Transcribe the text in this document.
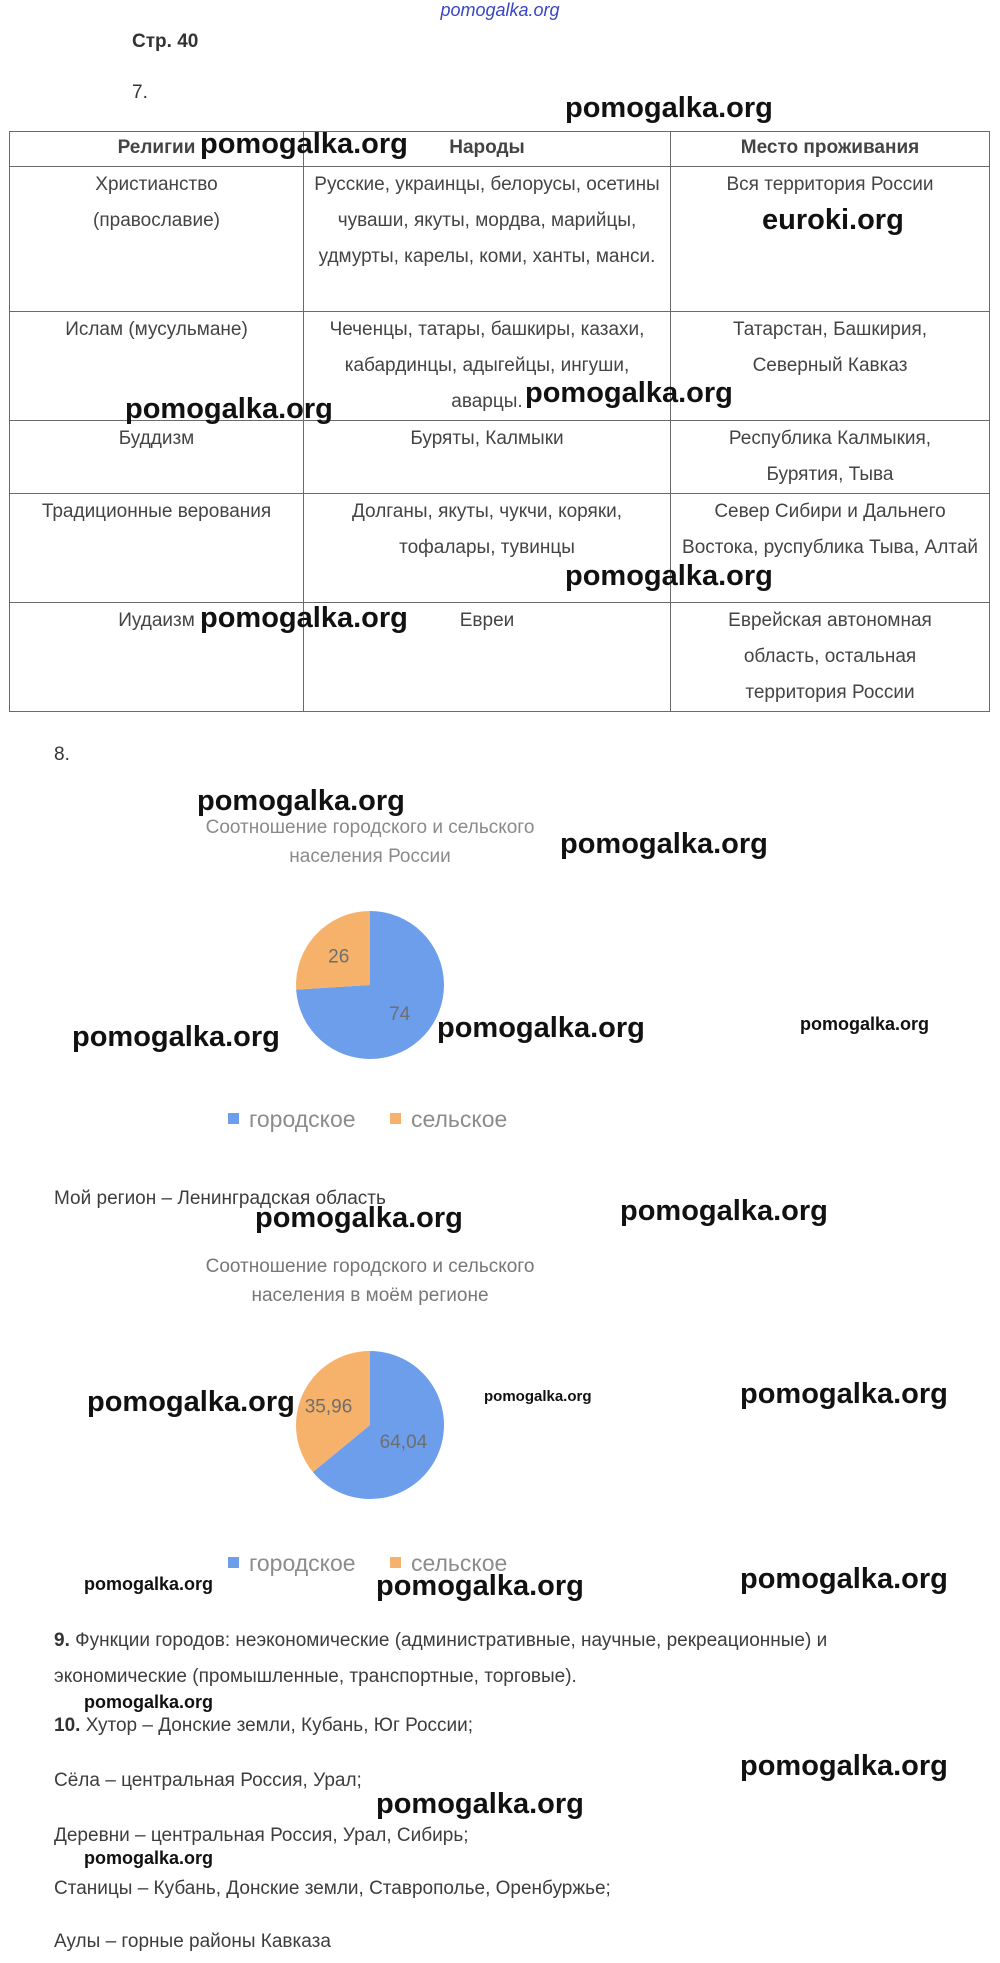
pomogalka.org
Стр. 40
7.
Религии	Народы	Место проживания
Христианство (православие)	Русские, украинцы, белорусы, осетины чуваши, якуты, мордва, марийцы, удмурты, карелы, коми, ханты, манси.	Вся территория России
Ислам (мусульмане)	Чеченцы, татары, башкиры, казахи, кабардинцы, адыгейцы, ингуши, аварцы.	Татарстан, Башкирия, Северный Кавказ
Буддизм	Буряты, Калмыки	Республика Калмыкия, Бурятия, Тыва
Традиционные верования	Долганы, якуты, чукчи, коряки, тофалары, тувинцы	Север Сибири и Дальнего Востока, руспублика Тыва, Алтай
Иудаизм	Евреи	Еврейская автономная область, остальная территория России
8.
Соотношение городского и сельского населения России
74
26
городское сельское
Мой регион – Ленинградская область
Соотношение городского и сельского населения в моём регионе
64,04
35,96
городское сельское
9. Функции городов: неэкономические (административные, научные, рекреационные) и экономические (промышленные, транспортные, торговые).
10. Хутор – Донские земли, Кубань, Юг России;
Сёла – центральная Россия, Урал;
Деревни – центральная Россия, Урал, Сибирь;
Станицы – Кубань, Донские земли, Ставрополье, Оренбуржье;
Аулы – горные районы Кавказа
pomogalka.org
pomogalka.org
euroki.org
pomogalka.org
pomogalka.org
pomogalka.org
pomogalka.org
pomogalka.org
pomogalka.org
pomogalka.org	pomogalka.org	pomogalka.org
pomogalka.org	pomogalka.org
pomogalka.org	pomogalka.org	pomogalka.org
pomogalka.org	pomogalka.org	pomogalka.org
pomogalka.org
pomogalka.org
pomogalka.org
pomogalka.org
